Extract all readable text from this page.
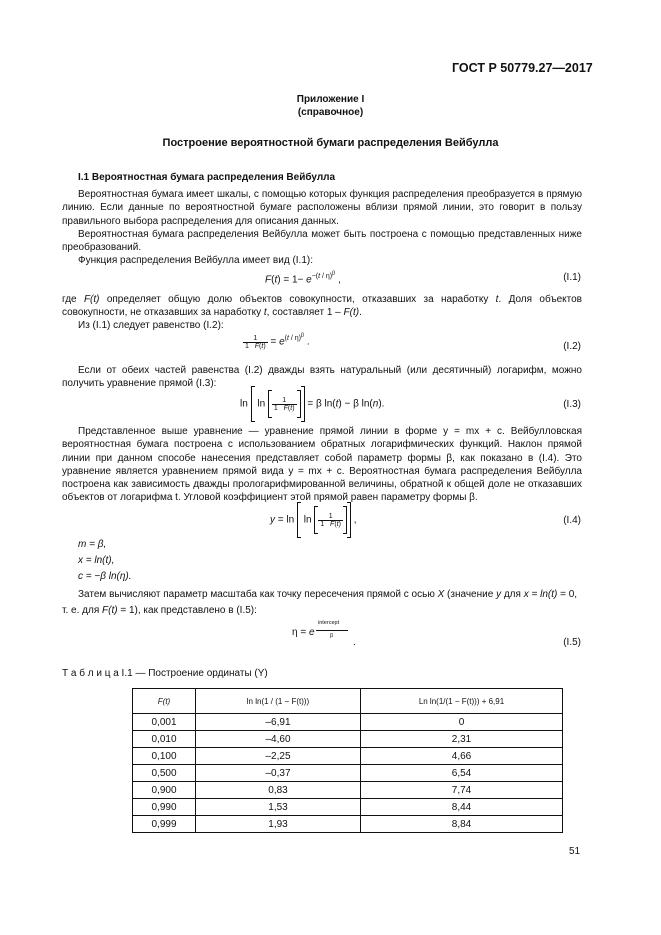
ГОСТ Р 50779.27—2017
Приложение I
(справочное)
Построение вероятностной бумаги распределения Вейбулла
I.1 Вероятностная бумага распределения Вейбулла
Вероятностная бумага имеет шкалы, с помощью которых функция распределения преобразуется в прямую линию. Если данные по вероятностной бумаге расположены вблизи прямой линии, это говорит в пользу правильного выбора распределения для описания данных.
Вероятностная бумага распределения Вейбулла может быть построена с помощью представленных ниже преобразований.
Функция распределения Вейбулла имеет вид (I.1):
$F(t) = 1- e^{-(t / \eta)^\beta}$ ,	(I.1)
где F(t) определяет общую долю объектов совокупности, отказавших за наработку t. Доля объектов совокупности, не отказавших за наработку t, составляет 1 – F(t).
Из (I.1) следует равенство (I.2):
$\frac{1}{1 F(t)} = e^{(t / \eta)^\beta}$ .	(I.2)
Если от обеих частей равенства (I.2) дважды взять натуральный (или десятичный) логарифм, можно получить уравнение прямой (I.3):
$\ln \ln \frac{1}{1 F(t)} = \beta$ ln(t) − β ln(n).	(I.3)
Представленное выше уравнение — уравнение прямой линии в форме y = mx + c. Вейбулловская вероятностная бумага построена с использованием обратных логарифмических функций. Наклон прямой линии при данном способе нанесения представляет собой параметр формы β, как показано в (I.4). Это уравнение является уравнением прямой вида y = mx + c. Вероятностная бумага распределения Вейбулла построена как зависимость дважды прологарифмированной величины, обратной к общей доле не отказавших объектов от логарифма t. Угловой коэффициент этой прямой равен параметру формы β.
$y = \ln \ln \frac{1}{1 F(t)}$ ,	(I.4)
m = β,
x = ln(t),
c = −β ln(η).
Затем вычисляют параметр масштаба как точку пересечения прямой с осью X (значение y для x = ln(t) = 0,
т. е. для F(t) = 1), как представлено в (I.5):
η = e
intercept
β
.	(I.5)
Т а б л и ц а I.1 — Построение ординаты (Y)
F(t)	ln ln(1 / (1 − F(t)))	Ln ln(1/(1 − F(t))) + 6,91
0,001	–6,91	0
0,010	–4,60	2,31
0,100	–2,25	4,66
0,500	–0,37	6,54
0,900	0,83	7,74
0,990	1,53	8,44
0,999	1,93	8,84
51
